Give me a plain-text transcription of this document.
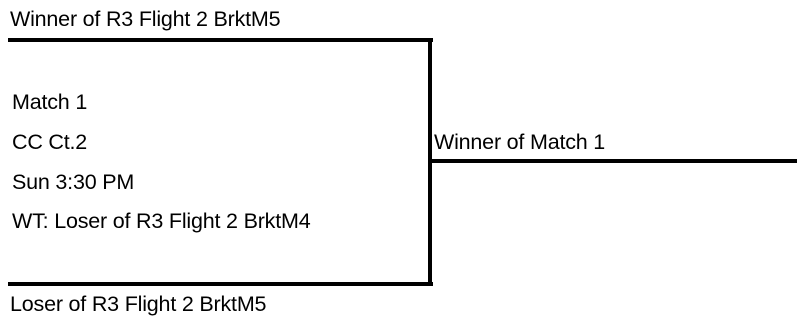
Winner of R3 Flight 2 BrktM5
Match 1
CC Ct.2
Sun 3:30 PM
WT: Loser of R3 Flight 2 BrktM4
Winner of Match 1
Loser of R3 Flight 2 BrktM5
